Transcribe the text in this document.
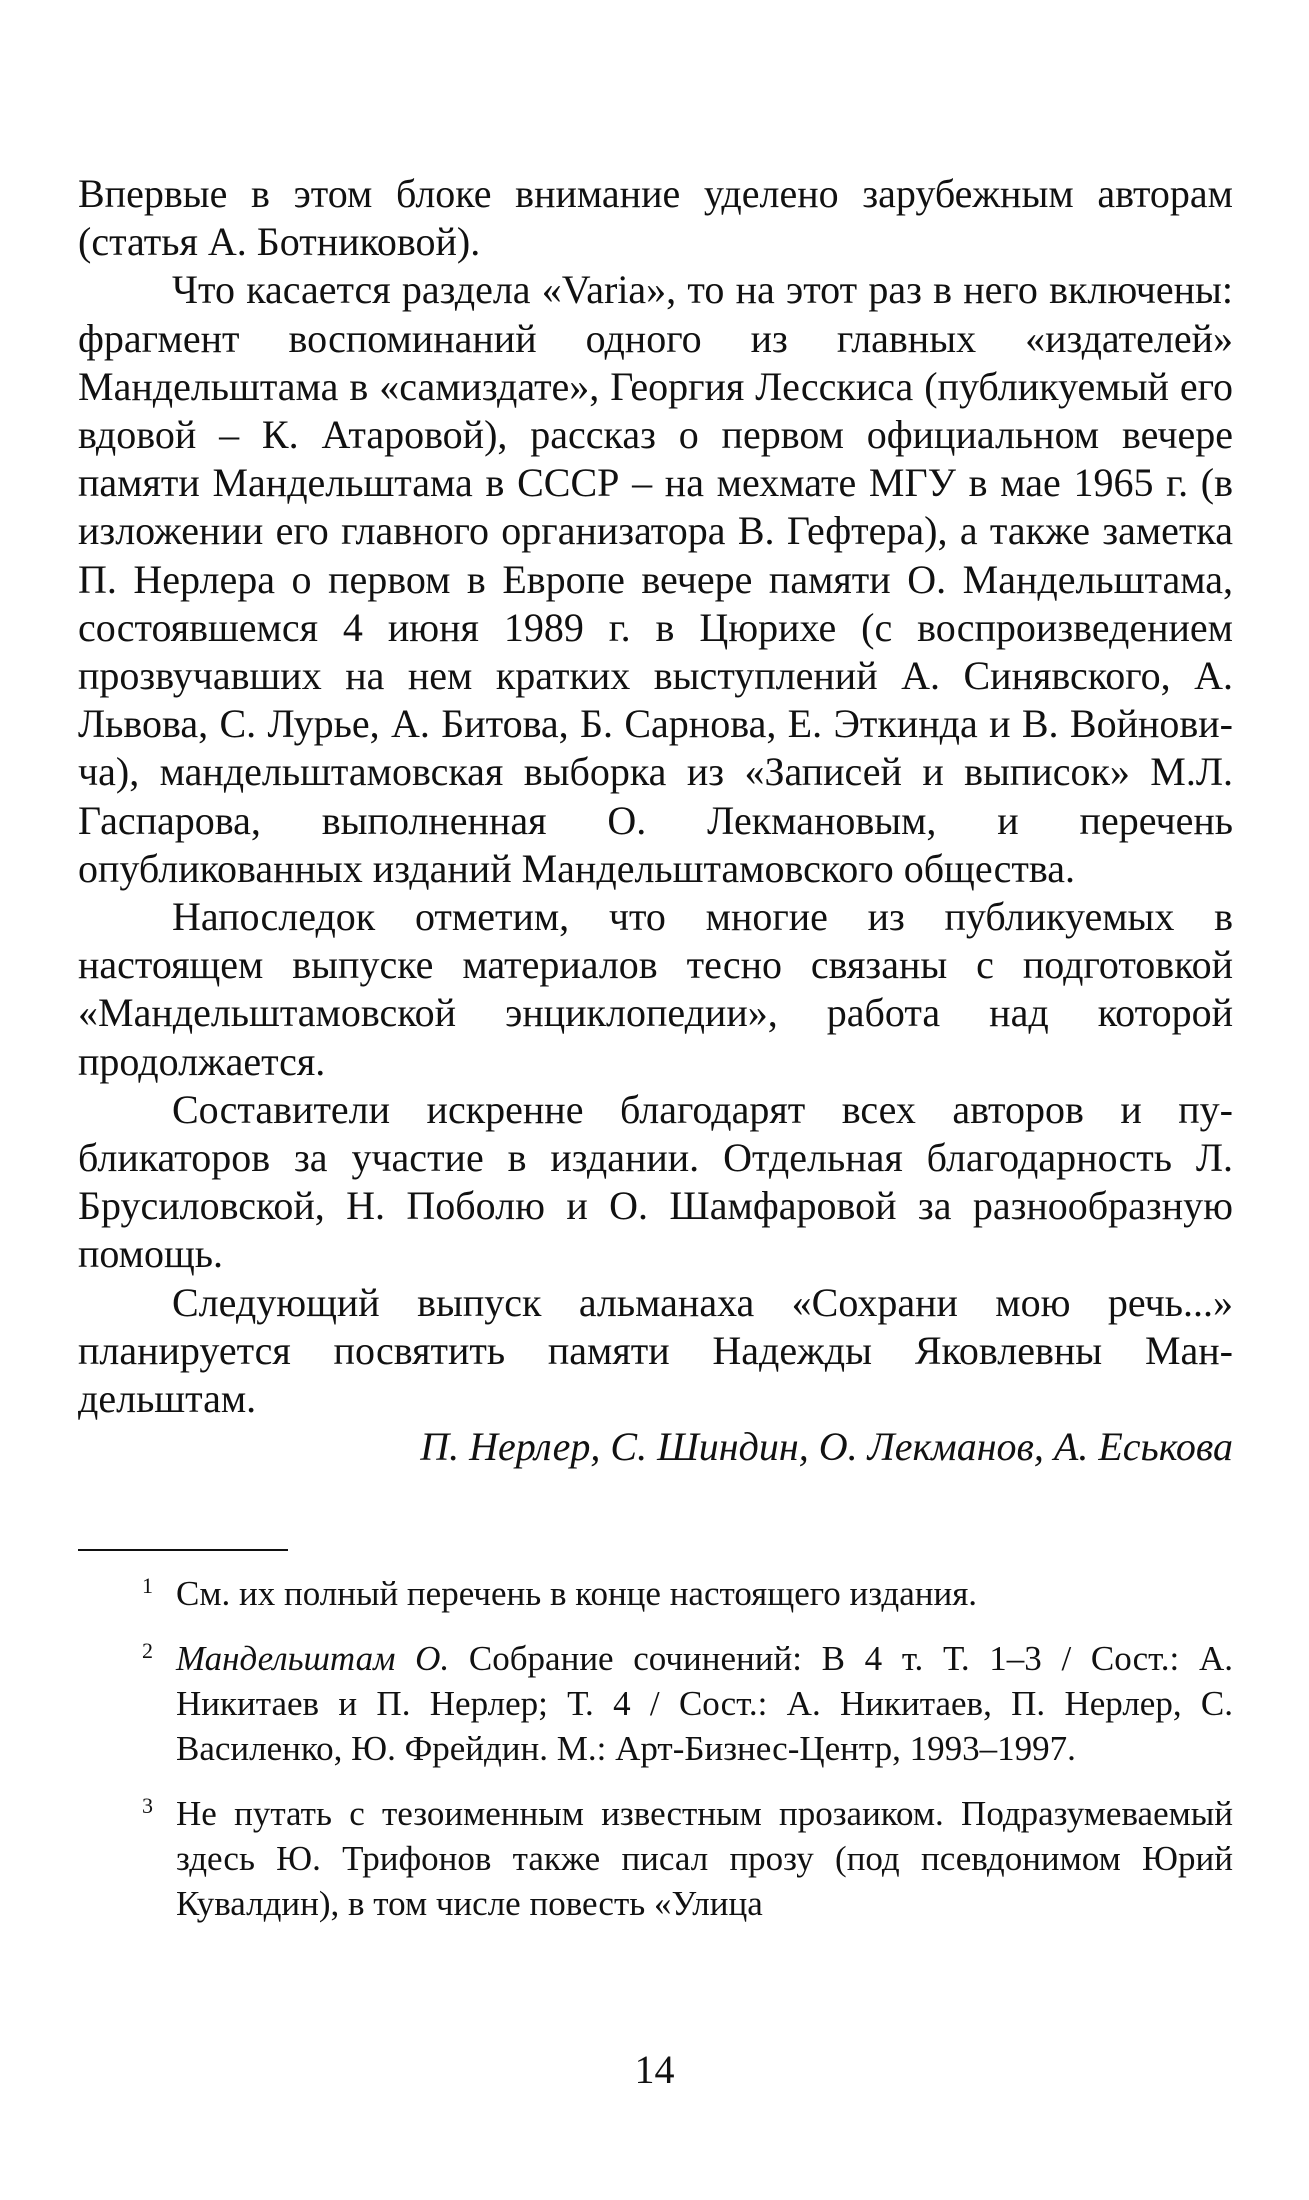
Впервые в этом блоке внимание уделено зарубежным авторам (статья А. Ботниковой).

Что касается раздела «Varia», то на этот раз в него включены: фрагмент воспоминаний одного из главных «издателей» Мандельштама в «самиздате», Георгия Лесскиса (публикуемый его вдовой – К. Атаровой), рассказ о первом официальном вечере памяти Мандельштама в СССР – на мехмате МГУ в мае 1965 г. (в изложении его главного организатора В. Гефтера), а также заметка П. Нерлера о первом в Европе вечере памяти О. Мандельштама, состоявшемся 4 июня 1989 г. в Цюрихе (с воспроизведением прозвучавших на нем кратких выступлений А. Синявского, А. Львова, С. Лурье, А. Битова, Б. Сарнова, Е. Эткинда и В. Войновича), мандельштамовская выборка из «Записей и выписок» М.Л. Гаспарова, выполненная О. Лекмановым, и перечень опубликованных изданий Мандельштамовского общества.

Напоследок отметим, что многие из публикуемых в настоящем выпуске материалов тесно связаны с подготовкой «Мандельштамовской энциклопедии», работа над которой продолжается.

Составители искренне благодарят всех авторов и публикаторов за участие в издании. Отдельная благодарность Л. Брусиловской, Н. Поболю и О. Шамфаровой за разнообразную помощь.

Следующий выпуск альманаха «Сохрани мою речь...» планируется посвятить памяти Надежды Яковлевны Мандельштам.

П. Нерлер, С. Шиндин, О. Лекманов, А. Еськова

$^1$ См. их полный перечень в конце настоящего издания.

$^2$ Мандельштам О. Собрание сочинений: В 4 т. Т. 1–3 / Сост.: А. Никитаев и П. Нерлер; Т. 4 / Сост.: А. Никитаев, П. Нерлер, С. Василенко, Ю. Фрейдин. М.: Арт-Бизнес-Центр, 1993–1997.

$^3$ Не путать с тезоименным известным прозаиком. Подразумеваемый здесь Ю. Трифонов также писал прозу (под псевдонимом Юрий Кувалдин), в том числе повесть «Улица

14
